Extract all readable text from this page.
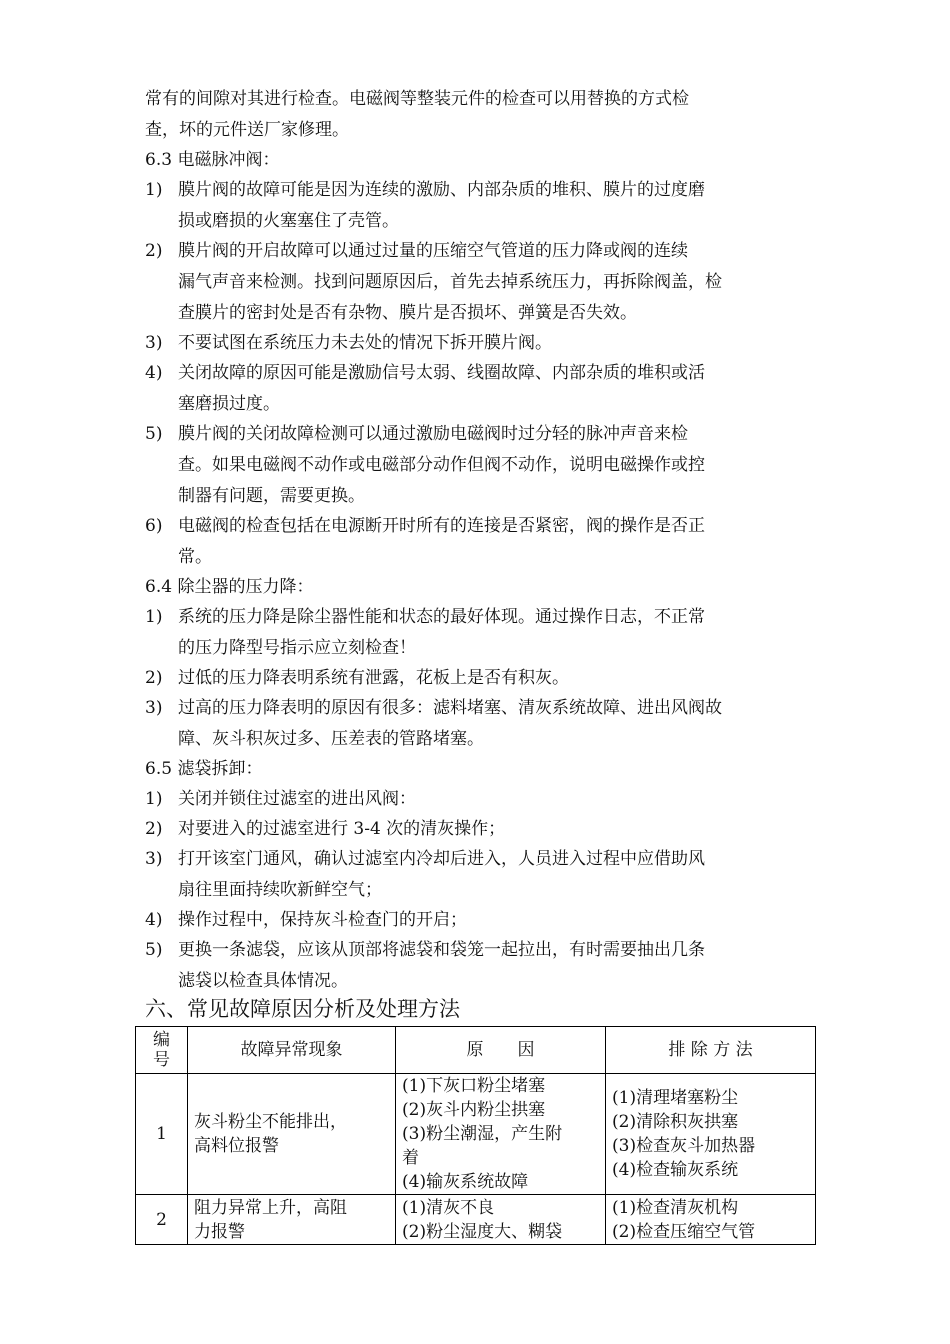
常有的间隙对其进行检查。电磁阀等整装元件的检查可以用替换的方式检
查，坏的元件送厂家修理。
6.3 电磁脉冲阀：
1) 膜片阀的故障可能是因为连续的激励、内部杂质的堆积、膜片的过度磨
损或磨损的火塞塞住了壳管。
2) 膜片阀的开启故障可以通过过量的压缩空气管道的压力降或阀的连续
漏气声音来检测。找到问题原因后，首先去掉系统压力，再拆除阀盖，检
查膜片的密封处是否有杂物、膜片是否损坏、弹簧是否失效。
3) 不要试图在系统压力未去处的情况下拆开膜片阀。
4) 关闭故障的原因可能是激励信号太弱、线圈故障、内部杂质的堆积或活
塞磨损过度。
5) 膜片阀的关闭故障检测可以通过激励电磁阀时过分轻的脉冲声音来检
查。如果电磁阀不动作或电磁部分动作但阀不动作，说明电磁操作或控
制器有问题，需要更换。
6) 电磁阀的检查包括在电源断开时所有的连接是否紧密，阀的操作是否正
常。
6.4 除尘器的压力降：
1) 系统的压力降是除尘器性能和状态的最好体现。通过操作日志，不正常
的压力降型号指示应立刻检查！
2) 过低的压力降表明系统有泄露，花板上是否有积灰。
3) 过高的压力降表明的原因有很多：滤料堵塞、清灰系统故障、进出风阀故
障、灰斗积灰过多、压差表的管路堵塞。
6.5 滤袋拆卸：
1) 关闭并锁住过滤室的进出风阀：
2) 对要进入的过滤室进行 3-4 次的清灰操作；
3) 打开该室门通风，确认过滤室内冷却后进入，人员进入过程中应借助风
扇往里面持续吹新鲜空气；
4) 操作过程中，保持灰斗检查门的开启；
5) 更换一条滤袋，应该从顶部将滤袋和袋笼一起拉出，有时需要抽出几条
滤袋以检查具体情况。
六、常见故障原因分析及处理方法
编
号	故障异常现象	原　　因	排 除 方 法
1	灰斗粉尘不能排出，
高料位报警	(1)下灰口粉尘堵塞
(2)灰斗内粉尘拱塞
(3)粉尘潮湿，产生附
着
(4)输灰系统故障	(1)清理堵塞粉尘
(2)清除积灰拱塞
(3)检查灰斗加热器
(4)检查输灰系统

2	阻力异常上升，高阻
力报警	(1)清灰不良
(2)粉尘湿度大、糊袋	(1)检查清灰机构
(2)检查压缩空气管
